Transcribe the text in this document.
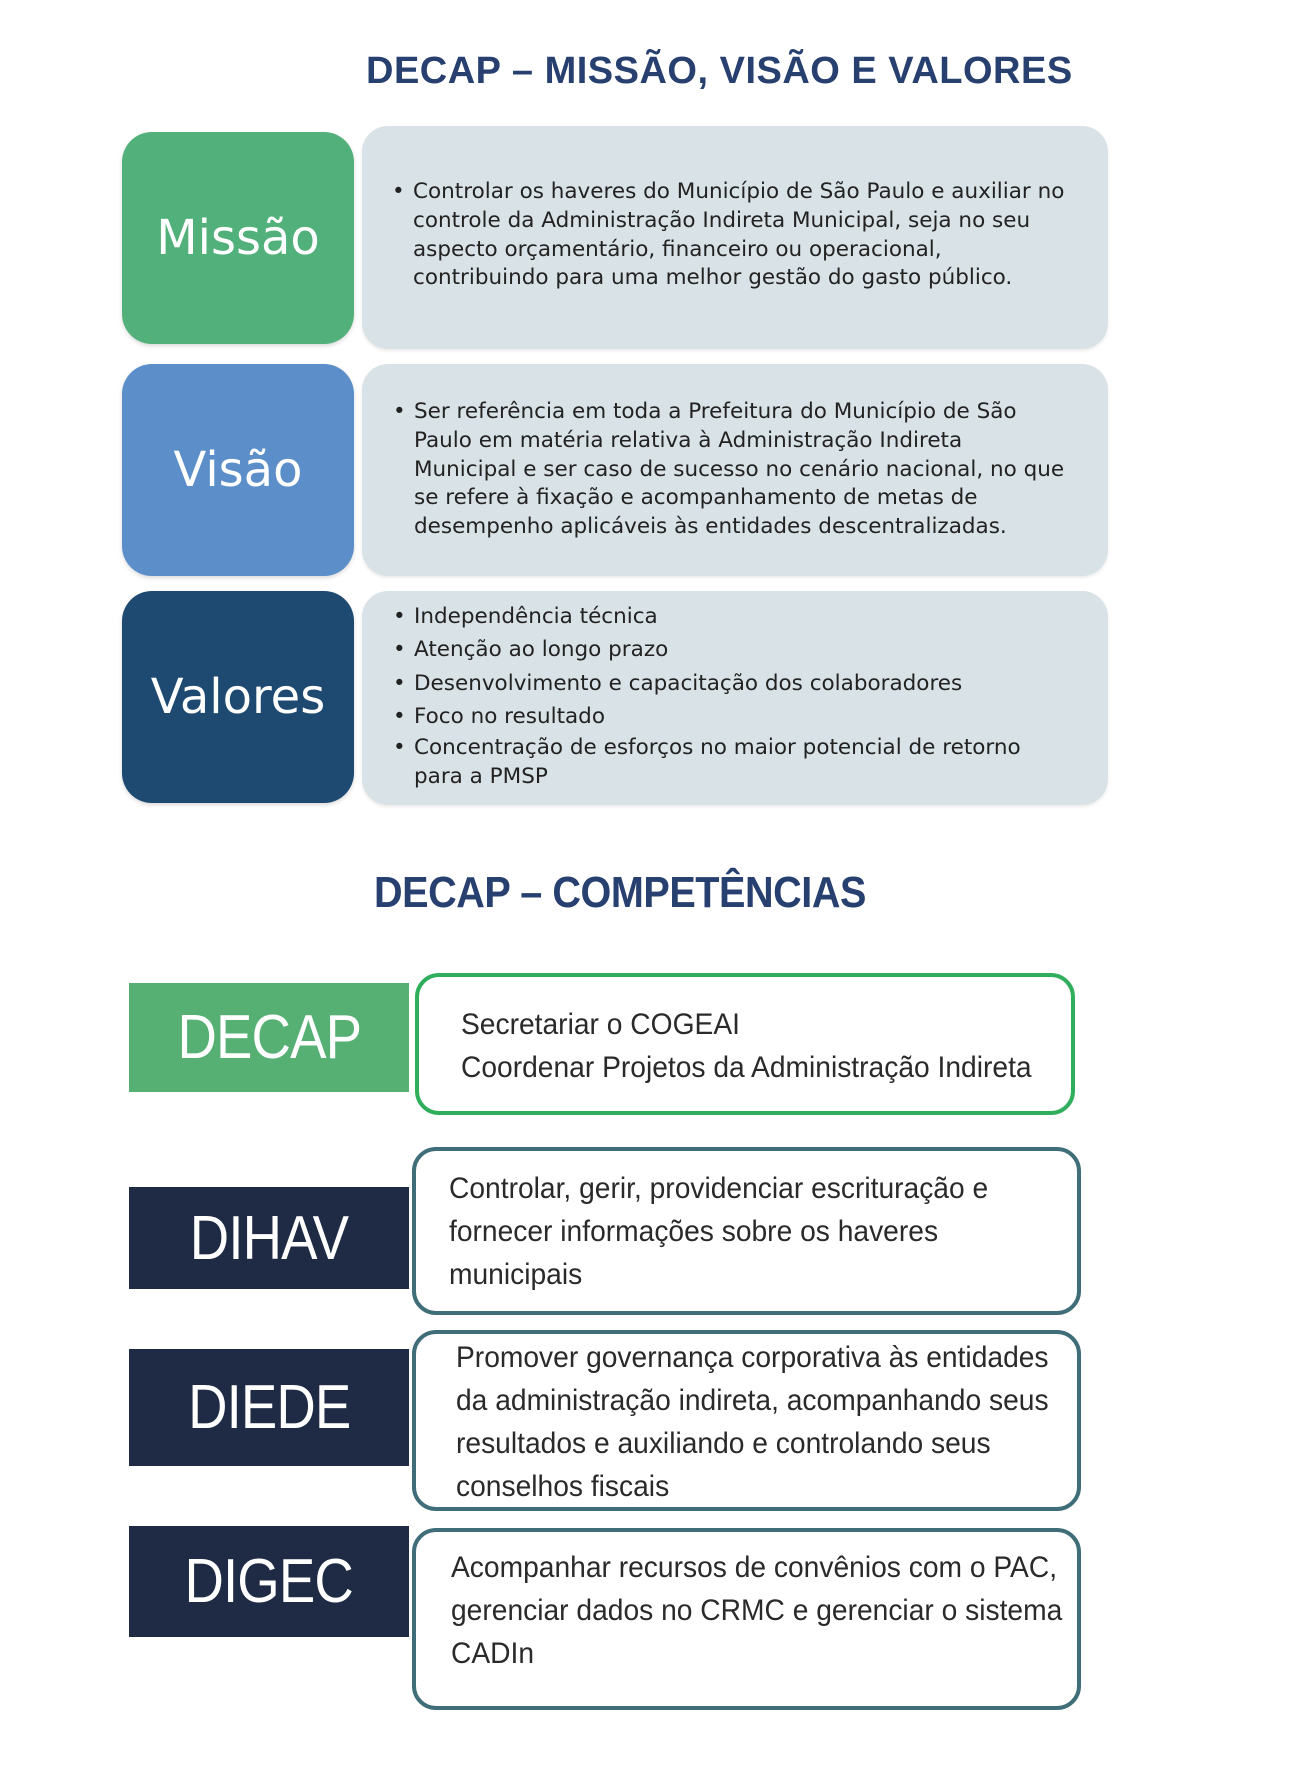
DECAP – MISSÃO, VISÃO E VALORES
DECAP – COMPETÊNCIAS
• Controlar os haveres do Município de São Paulo e auxiliar no controle da Administração Indireta Municipal, seja no seu aspecto orçamentário, financeiro ou operacional, contribuindo para uma melhor gestão do gasto público.
Missão
• Ser referência em toda a Prefeitura do Município de São Paulo em matéria relativa à Administração Indireta Municipal e ser caso de sucesso no cenário nacional, no que se refere à fixação e acompanhamento de metas de desempenho aplicáveis às entidades descentralizadas.
Visão
• Independência técnica
• Atenção ao longo prazo
• Desenvolvimento e capacitação dos colaboradores
• Foco no resultado
• Concentração de esforços no maior potencial de retorno para a PMSP
Valores
DECAP	Secretariar o COGEAI
Coordenar Projetos da Administração Indireta
DIHAV
Controlar, gerir, providenciar escrituração e
fornecer informações sobre os haveres
municipais
DIEDE
Promover governança corporativa às entidades
da administração indireta, acompanhando seus
resultados e auxiliando e controlando seus
conselhos fiscais
DIGEC	Acompanhar recursos de convênios com o PAC,
gerenciar dados no CRMC e gerenciar o sistema
CADIn
